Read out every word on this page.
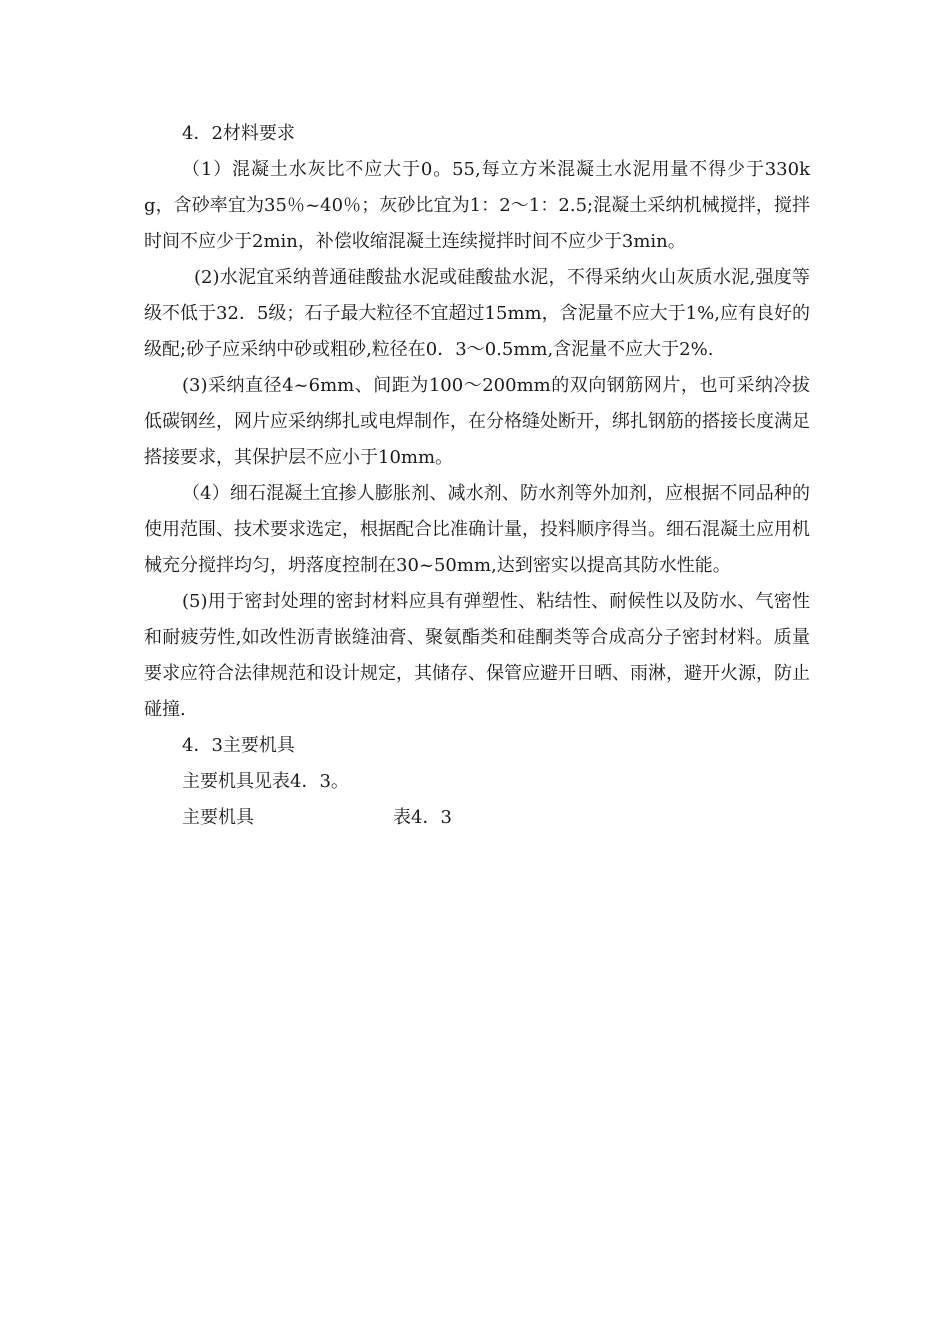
4．2材料要求

（1）混凝土水灰比不应大于0。55,每立方米混凝土水泥用量不得少于330kg，含砂率宜为35％~40％；灰砂比宜为1：2～1：2.5;混凝土采纳机械搅拌，搅拌时间不应少于2min，补偿收缩混凝土连续搅拌时间不应少于3min。

(2)水泥宜采纳普通硅酸盐水泥或硅酸盐水泥，不得采纳火山灰质水泥,强度等级不低于32．5级；石子最大粒径不宜超过15mm，含泥量不应大于1%,应有良好的级配;砂子应采纳中砂或粗砂,粒径在0．3～0.5mm,含泥量不应大于2%.

(3)采纳直径4~6mm、间距为100～200mm的双向钢筋网片，也可采纳冷拔低碳钢丝，网片应采纳绑扎或电焊制作，在分格缝处断开，绑扎钢筋的搭接长度满足搭接要求，其保护层不应小于10mm。

（4）细石混凝土宜掺人膨胀剂、减水剂、防水剂等外加剂，应根据不同品种的使用范围、技术要求选定，根据配合比准确计量，投料顺序得当。细石混凝土应用机械充分搅拌均匀，坍落度控制在30~50mm,达到密实以提高其防水性能。

(5)用于密封处理的密封材料应具有弹塑性、粘结性、耐候性以及防水、气密性和耐疲劳性,如改性沥青嵌缝油膏、聚氨酯类和硅酮类等合成高分子密封材料。质量要求应符合法律规范和设计规定，其储存、保管应避开日晒、雨淋，避开火源，防止碰撞.

4．3主要机具

主要机具见表4．3。

主要机具	表4．3
